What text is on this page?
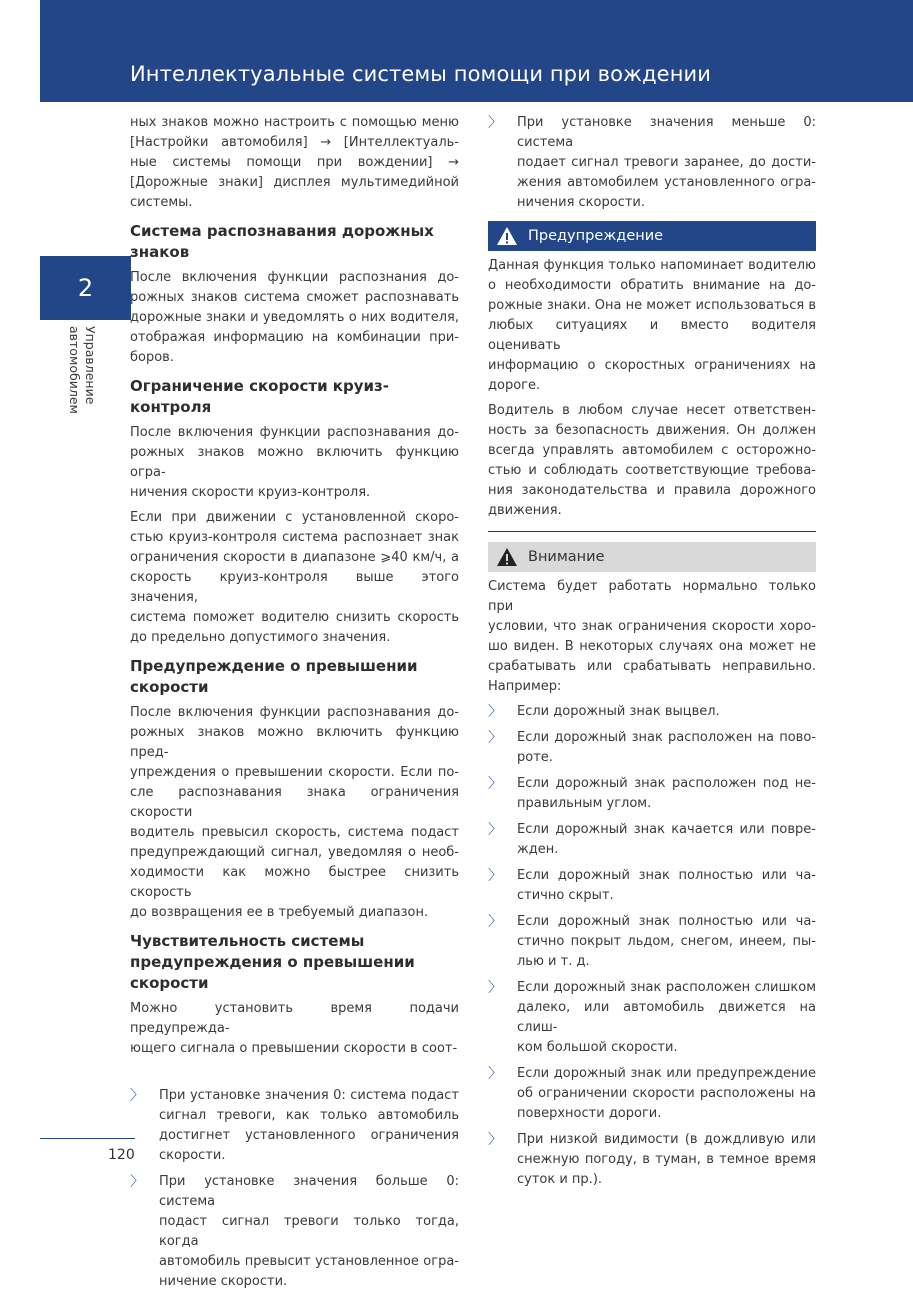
Интеллектуальные системы помощи при вождении
2
Управление
автомобилем
ных знаков можно настроить с помощью меню
[Настройки автомобиля] → [Интеллектуаль-
ные системы помощи при вождении] →
[Дорожные знаки] дисплея мультимедийной
системы.
Система распознавания дорожных знаков
После включения функции распознания до-
рожных знаков система сможет распознавать
дорожные знаки и уведомлять о них водителя,
отображая информацию на комбинации при-
боров.
Ограничение скорости круиз-контроля
После включения функции распознавания до-
рожных знаков можно включить функцию огра-
ничения скорости круиз-контроля.
Если при движении с установленной скоро-
стью круиз-контроля система распознает знак
ограничения скорости в диапазоне ⩾40 км/ч, а
скорость круиз-контроля выше этого значения,
система поможет водителю снизить скорость
до предельно допустимого значения.
Предупреждение о превышении скорости
После включения функции распознавания до-
рожных знаков можно включить функцию пред-
упреждения о превышении скорости. Если по-
сле распознавания знака ограничения скорости
водитель превысил скорость, система подаст
предупреждающий сигнал, уведомляя о необ-
ходимости как можно быстрее снизить скорость
до возвращения ее в требуемый диапазон.
Чувствительность системы предупреждения о превышении скорости
Можно установить время подачи предупрежда-
ющего сигнала о превышении скорости в соот-
〉 При установке значения 0: система подаст
сигнал тревоги, как только автомобиль
достигнет установленного ограничения
скорости.
〉 При установке значения больше 0: система
подаст сигнал тревоги только тогда, когда
автомобиль превысит установленное огра-
ничение скорости.
〉 При установке значения меньше 0: система
подает сигнал тревоги заранее, до дости-
жения автомобилем установленного огра-
ничения скорости.
Предупреждение
Данная функция только напоминает водителю
о необходимости обратить внимание на до-
рожные знаки. Она не может использоваться в
любых ситуациях и вместо водителя оценивать
информацию о скоростных ограничениях на
дороге.
Водитель в любом случае несет ответствен-
ность за безопасность движения. Он должен
всегда управлять автомобилем с осторожно-
стью и соблюдать соответствующие требова-
ния законодательства и правила дорожного
движения.
Внимание
Система будет работать нормально только при
условии, что знак ограничения скорости хоро-
шо виден. В некоторых случаях она может не
срабатывать или срабатывать неправильно.
Например:
〉 Если дорожный знак выцвел.
〉 Если дорожный знак расположен на пово-
роте.
〉 Если дорожный знак расположен под не-
правильным углом.
〉 Если дорожный знак качается или повре-
жден.
〉 Если дорожный знак полностью или ча-
стично скрыт.
〉 Если дорожный знак полностью или ча-
стично покрыт льдом, снегом, инеем, пы-
лью и т. д.
〉 Если дорожный знак расположен слишком
далеко, или автомобиль движется на слиш-
ком большой скорости.
〉 Если дорожный знак или предупреждение
об ограничении скорости расположены на
поверхности дороги.
〉 При низкой видимости (в дождливую или
снежную погоду, в туман, в темное время
суток и пр.).
120
